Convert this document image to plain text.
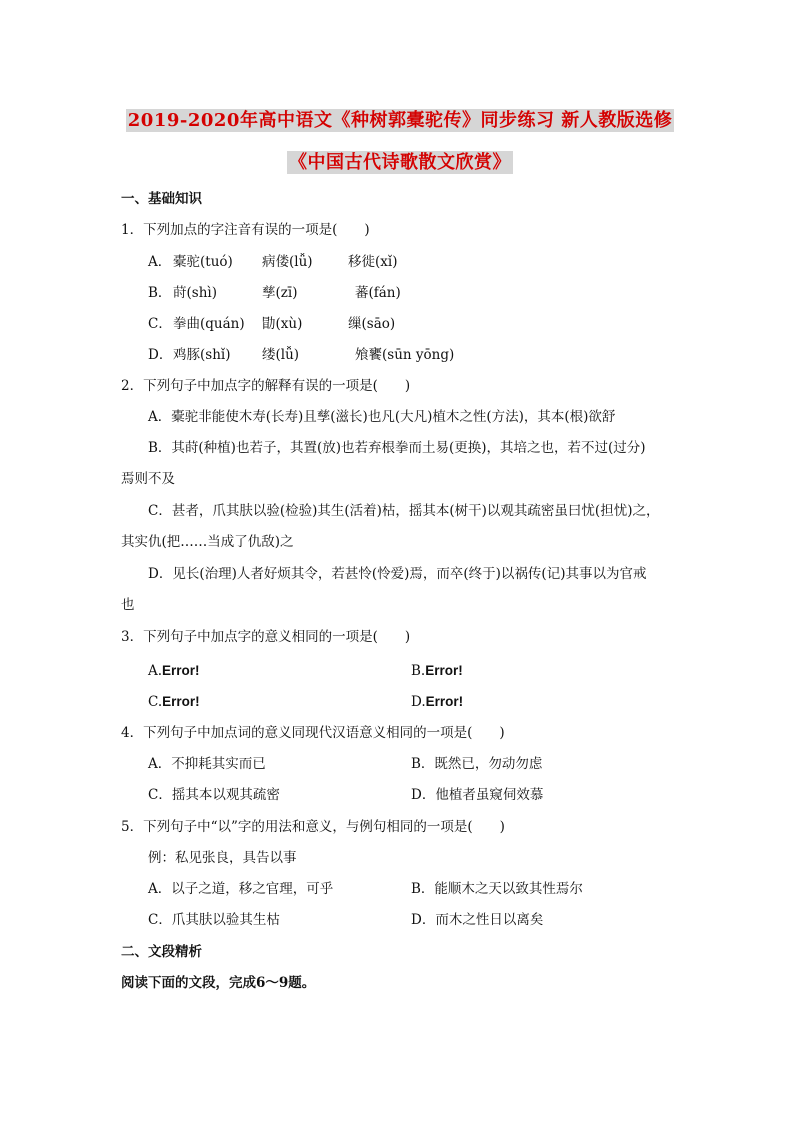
2019-2020年高中语文《种树郭橐驼传》同步练习 新人教版选修
《中国古代诗歌散文欣赏》
一、基础知识
1．下列加点的字注音有误的一项是(　　)
A． 橐驼(tuó) 病偻(lǚ)	移徙(xǐ)
B． 莳(shì)	孳(zī)	蕃(fán)
C． 拳曲(quán) 勖(xù)	缫(sāo)
D． 鸡豚(shǐ) 缕(lǚ)	飧饔(sūn yōng)
2．下列句子中加点字的解释有误的一项是(　　)
A．橐驼非能使木寿(长寿)且孳(滋长)也凡(大凡)植木之性(方法)，其本(根)欲舒
B．其莳(种植)也若子，其置(放)也若弃根拳而土易(更换)，其培之也，若不过(过分)
焉则不及
C．甚者，爪其肤以验(检验)其生(活着)枯，摇其本(树干)以观其疏密虽曰忧(担忧)之，
其实仇(把……当成了仇敌)之
D．见长(治理)人者好烦其令，若甚怜(怜爱)焉，而卒(终于)以祸传(记)其事以为官戒
也
3．下列句子中加点字的意义相同的一项是(　　)
A.Error!	B.Error!
C.Error!	D.Error!
4．下列句子中加点词的意义同现代汉语意义相同的一项是(　　)
A．不抑耗其实而已	B．既然已，勿动勿虑
C．摇其本以观其疏密	D．他植者虽窥伺效慕
5．下列句子中“以”字的用法和意义，与例句相同的一项是(　　)
例：私见张良，具告以事
A．以子之道，移之官理，可乎	B．能顺木之天以致其性焉尔
C．爪其肤以验其生枯	D．而木之性日以离矣
二、文段精析
阅读下面的文段，完成6～9题。
